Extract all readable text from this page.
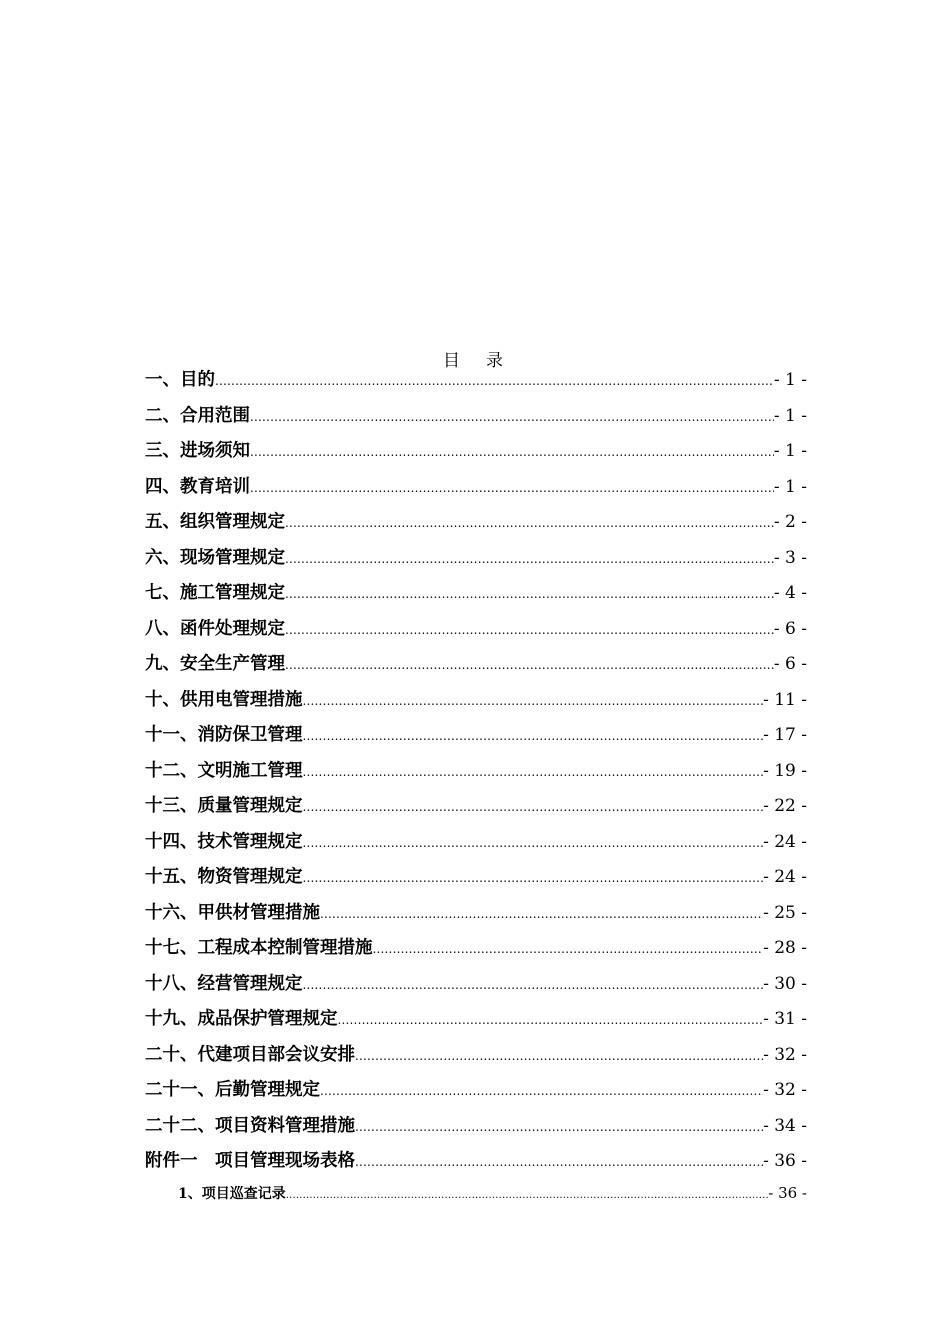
目录
一、目的 .....	- 1 -
二、合用范围 .....	- 1 -
三、进场须知 .....	- 1 -
四、教育培训 .....	- 1 -
五、组织管理规定 .....	- 2 -
六、现场管理规定 .....	- 3 -
七、施工管理规定 .....	- 4 -
八、函件处理规定 .....	- 6 -
九、安全生产管理 .....	- 6 -
十、供用电管理措施 .....	- 11 -
十一、消防保卫管理 .....	- 17 -
十二、文明施工管理 .....	- 19 -
十三、质量管理规定 .....	- 22 -
十四、技术管理规定 .....	- 24 -
十五、物资管理规定 .....	- 24 -
十六、甲供材管理措施 .....	- 25 -
十七、工程成本控制管理措施 .....	- 28 -
十八、经营管理规定 .....	- 30 -
十九、成品保护管理规定 .....	- 31 -
二十、代建项目部会议安排 .....	- 32 -
二十一、后勤管理规定 .....	- 32 -
二十二、项目资料管理措施 .....	- 34 -
附件一　项目管理现场表格 .....	- 36 -
1、项目巡查记录 .....	- 36 -
